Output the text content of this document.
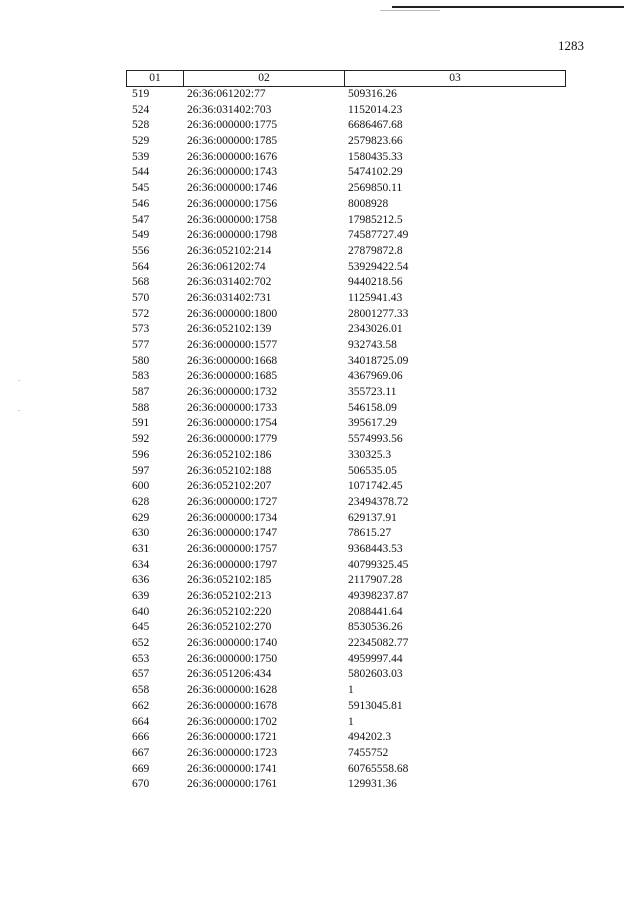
1283
01	02	03
519	26:36:061202:77	509316.26
524	26:36:031402:703	1152014.23
528	26:36:000000:1775	6686467.68
529	26:36:000000:1785	2579823.66
539	26:36:000000:1676	1580435.33
544	26:36:000000:1743	5474102.29
545	26:36:000000:1746	2569850.11
546	26:36:000000:1756	8008928
547	26:36:000000:1758	17985212.5
549	26:36:000000:1798	74587727.49
556	26:36:052102:214	27879872.8
564	26:36:061202:74	53929422.54
568	26:36:031402:702	9440218.56
570	26:36:031402:731	1125941.43
572	26:36:000000:1800	28001277.33
573	26:36:052102:139	2343026.01
577	26:36:000000:1577	932743.58
580	26:36:000000:1668	34018725.09
583	26:36:000000:1685	4367969.06
587	26:36:000000:1732	355723.11
588	26:36:000000:1733	546158.09
591	26:36:000000:1754	395617.29
592	26:36:000000:1779	5574993.56
596	26:36:052102:186	330325.3
597	26:36:052102:188	506535.05
600	26:36:052102:207	1071742.45
628	26:36:000000:1727	23494378.72
629	26:36:000000:1734	629137.91
630	26:36:000000:1747	78615.27
631	26:36:000000:1757	9368443.53
634	26:36:000000:1797	40799325.45
636	26:36:052102:185	2117907.28
639	26:36:052102:213	49398237.87
640	26:36:052102:220	2088441.64
645	26:36:052102:270	8530536.26
652	26:36:000000:1740	22345082.77
653	26:36:000000:1750	4959997.44
657	26:36:051206:434	5802603.03
658	26:36:000000:1628	1
662	26:36:000000:1678	5913045.81
664	26:36:000000:1702	1
666	26:36:000000:1721	494202.3
667	26:36:000000:1723	7455752
669	26:36:000000:1741	60765558.68
670	26:36:000000:1761	129931.36
